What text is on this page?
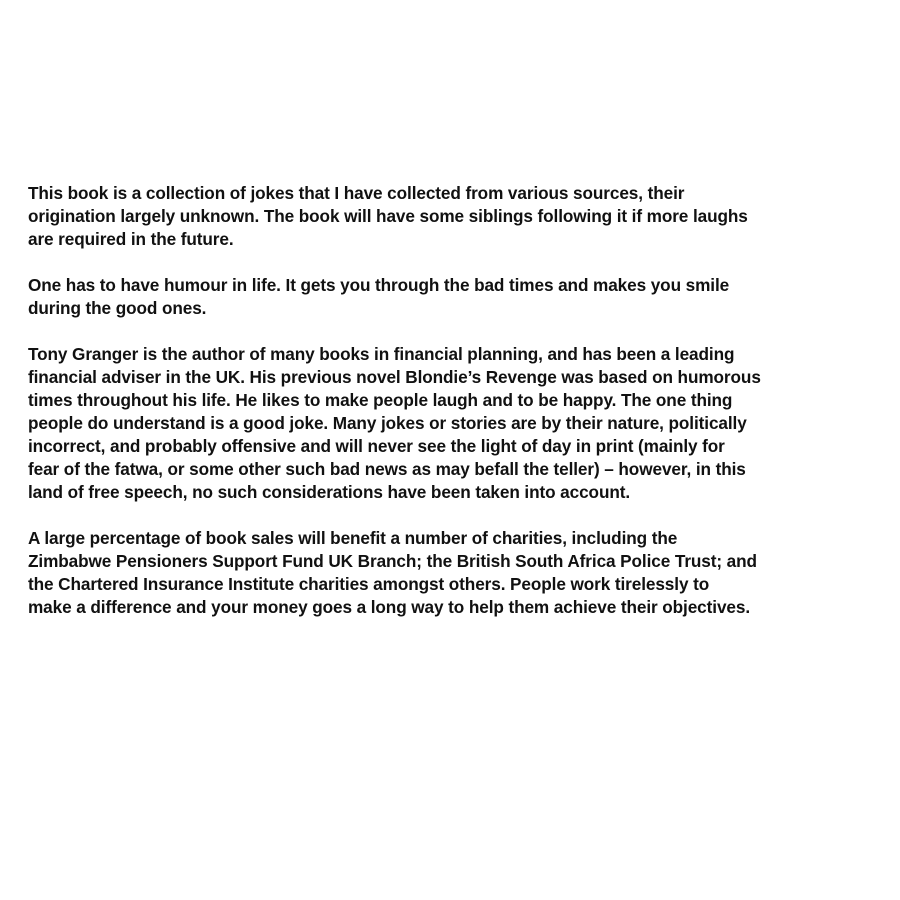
This book is a collection of jokes that I have collected from various sources, their
origination largely unknown. The book will have some siblings following it if more laughs
are required in the future.

One has to have humour in life. It gets you through the bad times and makes you smile
during the good ones.

Tony Granger is the author of many books in financial planning, and has been a leading
financial adviser in the UK. His previous novel Blondie’s Revenge was based on humorous
times throughout his life. He likes to make people laugh and to be happy. The one thing
people do understand is a good joke. Many jokes or stories are by their nature, politically
incorrect, and probably offensive and will never see the light of day in print (mainly for
fear of the fatwa, or some other such bad news as may befall the teller) – however, in this
land of free speech, no such considerations have been taken into account.

A large percentage of book sales will benefit a number of charities, including the
Zimbabwe Pensioners Support Fund UK Branch; the British South Africa Police Trust; and
the Chartered Insurance Institute charities amongst others. People work tirelessly to
make a difference and your money goes a long way to help them achieve their objectives.
